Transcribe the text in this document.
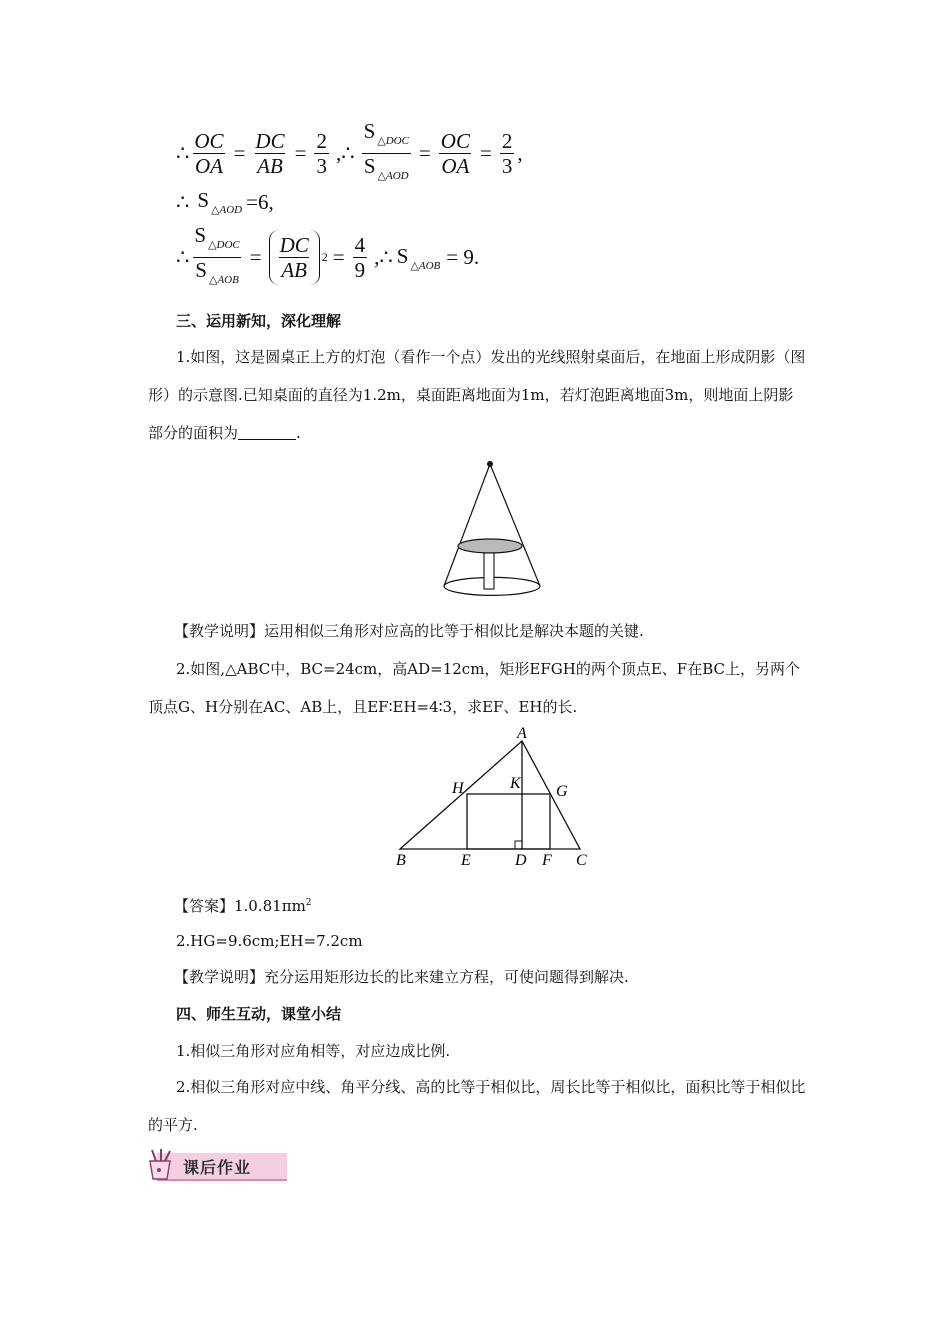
∴ $\frac{OC}{OA} = \frac{DC}{AB} = \frac{2}{3}$ ,∴ $\frac{S _{\triangle DOC}}{S _{\triangle AOD}} = \frac{OC}{OA} = \frac{2}{3}$ ,
∴ S $_{\triangle AOD}$ =6 ,
∴ $\frac{S _{\triangle DOC}}{S _{\triangle AOB}} = \frac{DC}{AB} 2 = \frac{4}{9}$ ,∴ S $_{\triangle AOB}$ = 9.
三、运用新知，深化理解
1.如图，这是圆桌正上方的灯泡（看作一个点）发出的光线照射桌面后，在地面上形成阴影（图形）的示意图.已知桌面的直径为1.2m，桌面距离地面为1m，若灯泡距离地面3m，则地面上阴影部分的面积为	.
【教学说明】运用相似三角形对应高的比等于相似比是解决本题的关键.
2.如图,△ABC中，BC=24cm，高AD=12cm，矩形EFGH的两个顶点E、F在BC上，另两个顶点G、H分别在AC、AB上，且EF∶EH=4∶3，求EF、EH的长.
A
B	C
D
E	F
G
H	K
【答案】$1.0.81\pi m^2$
2.HG=9.6cm;EH=7.2cm
【教学说明】充分运用矩形边长的比来建立方程，可使问题得到解决.
四、师生互动，课堂小结
1.相似三角形对应角相等，对应边成比例.
2.相似三角形对应中线、角平分线、高的比等于相似比，周长比等于相似比，面积比等于相似比的平方.
课后作业
